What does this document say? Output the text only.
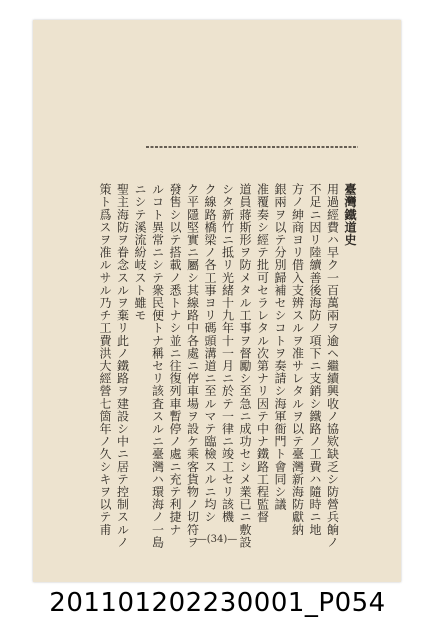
臺灣鐵道史
用過經費ハ早ク一百萬兩ヲ逾ヘ繼續興收ノ協欵缺乏シ防營兵餉ノ
不足ニ因リ陸續善後海防ノ項下ニ支銷シ鐵路ノ工費ハ隨時ニ地
方ノ紳商ヨリ借入支辨スルヲ准サレタルヲ以テ臺灣新海防獻納
銀兩ヲ以テ分別歸補セシコトヲ奏請シ海軍衙門ト會同シ議
准覆奏シ經テ批可セラレタル次第ナリ因テ中ナ鐵路工程監督
道員蔣斯形ヲ防メタル工事ヲ督勵シ至急ニ成功セシメ業已ニ敷設
シタ新竹ニ抵リ光緒十九年十一月ニ於テ一律ニ竣工セリ該機
ク線路橋梁ノ各工事ヨリ碼頭溝道ニ至ルマテ臨檢スルニ均シ
ク平隱堅實ニ屬シ其線路中各處ニ停車場ヲ設ケ乘客貨物ノ切符ヲ
發售シ以テ搭載ノ悉トナシ並ニ往復列車暫停ノ處ニ充テ利捷ナ
ルコト異常ニシテ衆民便トナ稱セリ該査スルニ臺灣ハ環海ノ一島
ニシテ溪流紛岐スト雖モ
聖主海防ヲ眷念スルヲ棄リ此ノ鐵路ヲ建設シ中ニ居テ控制スルノ
策ト爲スヲ准ルサル乃チ工費洪大經營七箇年ノ久シキヲ以テ甫
—(34)—
20110120223​0001_P054
